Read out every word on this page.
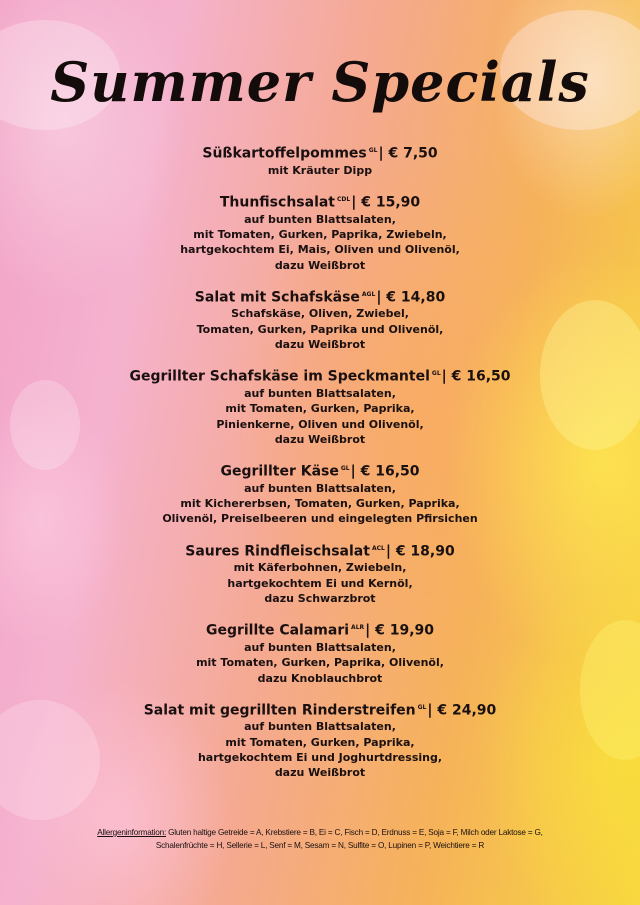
Summer Specials
Süßkartoffelpommes $^{GL}$| € 7,50
mit Kräuter Dipp
Thunfischsalat $^{CDL}$| € 15,90
auf bunten Blattsalaten,
mit Tomaten, Gurken, Paprika, Zwiebeln,
hartgekochtem Ei, Mais, Oliven und Olivenöl,
dazu Weißbrot
Salat mit Schafskäse $^{AGL}$| € 14,80
Schafskäse, Oliven, Zwiebel,
Tomaten, Gurken, Paprika und Olivenöl,
dazu Weißbrot
Gegrillter Schafskäse im Speckmantel $^{GL}$| € 16,50
auf bunten Blattsalaten,
mit Tomaten, Gurken, Paprika,
Pinienkerne, Oliven und Olivenöl,
dazu Weißbrot
Gegrillter Käse $^{GL}$| € 16,50
auf bunten Blattsalaten,
mit Kichererbsen, Tomaten, Gurken, Paprika,
Olivenöl, Preiselbeeren und eingelegten Pfirsichen
Saures Rindfleischsalat $^{ACL}$| € 18,90
mit Käferbohnen, Zwiebeln,
hartgekochtem Ei und Kernöl,
dazu Schwarzbrot
Gegrillte Calamari $^{ALR}$| € 19,90
auf bunten Blattsalaten,
mit Tomaten, Gurken, Paprika, Olivenöl,
dazu Knoblauchbrot
Salat mit gegrillten Rinderstreifen $^{GL}$| € 24,90
auf bunten Blattsalaten,
mit Tomaten, Gurken, Paprika,
hartgekochtem Ei und Joghurtdressing,
dazu Weißbrot
Allergeninformation: Gluten haltige Getreide = A, Krebstiere = B, Ei = C, Fisch = D, Erdnuss = E, Soja = F, Milch oder Laktose = G,
Schalenfrüchte = H, Sellerie = L, Senf = M, Sesam = N, Sulfite = O, Lupinen = P, Weichtiere = R
